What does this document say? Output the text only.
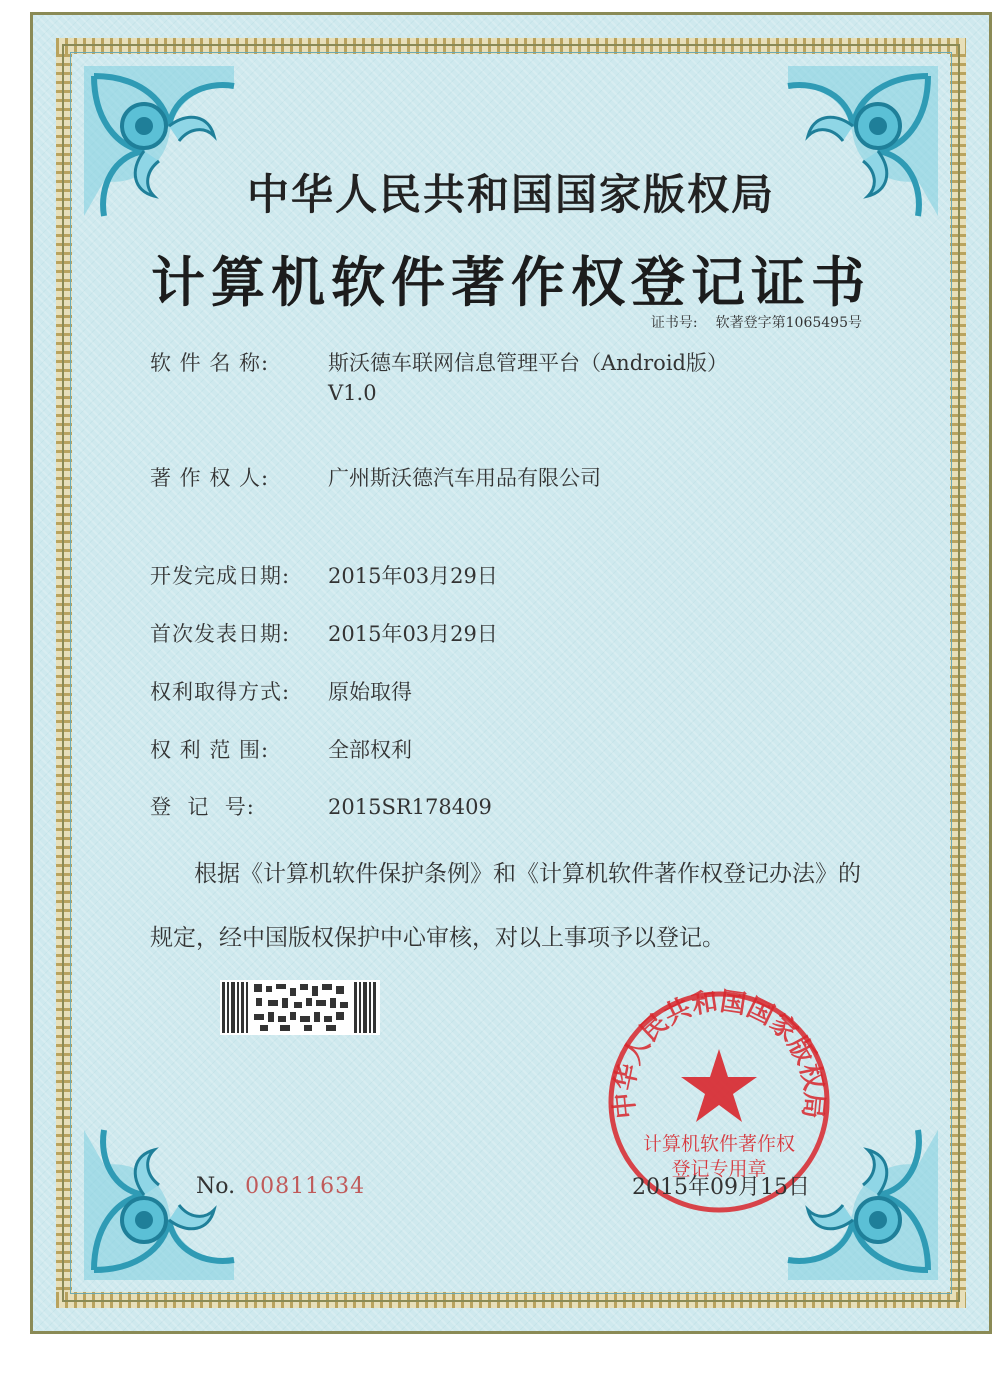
中华人民共和国国家版权局
计算机软件著作权登记证书
证书号: 软著登字第1065495号
软 件 名 称:	斯沃德车联网信息管理平台（Android版）
V1.0
著 作 权 人:	广州斯沃德汽车用品有限公司
开发完成日期: 2015年03月29日
首次发表日期: 2015年03月29日
权利取得方式: 原始取得
权 利 范 围:	全部权利
登  记  号:	2015SR178409
根据《计算机软件保护条例》和《计算机软件著作权登记办法》的
规定，经中国版权保护中心审核，对以上事项予以登记。
中华人民共和国国家版权局
计算机软件著作权
登记专用章
No. 00811634	2015年09月15日
